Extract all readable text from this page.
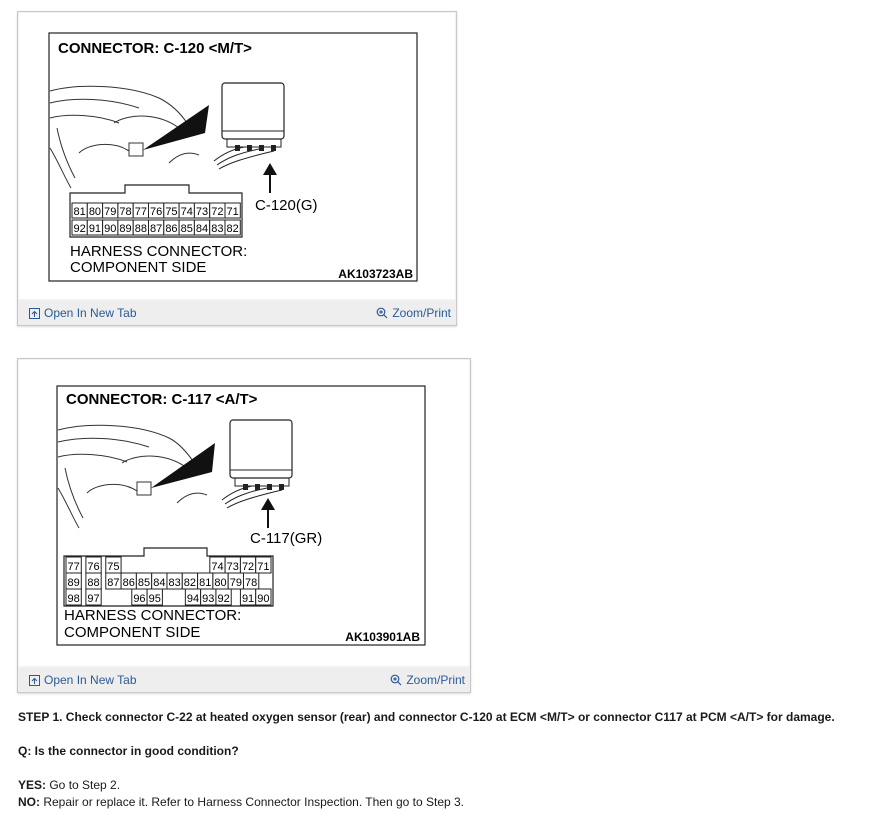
CONNECTOR: C-120 <M/T>
C-120(G)
81 80 79 78 77 76 75 74 73 72 71
92 91 90 89 88 87 86 85 84 83 82
HARNESS CONNECTOR:
COMPONENT SIDE	AK103723AB
Open In New Tab	Zoom/Print
CONNECTOR: C-117 <A/T>
C-117(GR)
77 76 75	74 73 72 71
89 88 87 86 85 84 83 82 81 80 79 78
98 97	96 95 94 93 92 91 90
HARNESS CONNECTOR:
COMPONENT SIDE	AK103901AB
Open In New Tab	Zoom/Print
STEP 1. Check connector C-22 at heated oxygen sensor (rear) and connector C-120 at ECM <M/T> or connector C117 at PCM <A/T> for damage.
Q: Is the connector in good condition?
YES: Go to Step 2.
NO: Repair or replace it. Refer to Harness Connector Inspection. Then go to Step 3.
